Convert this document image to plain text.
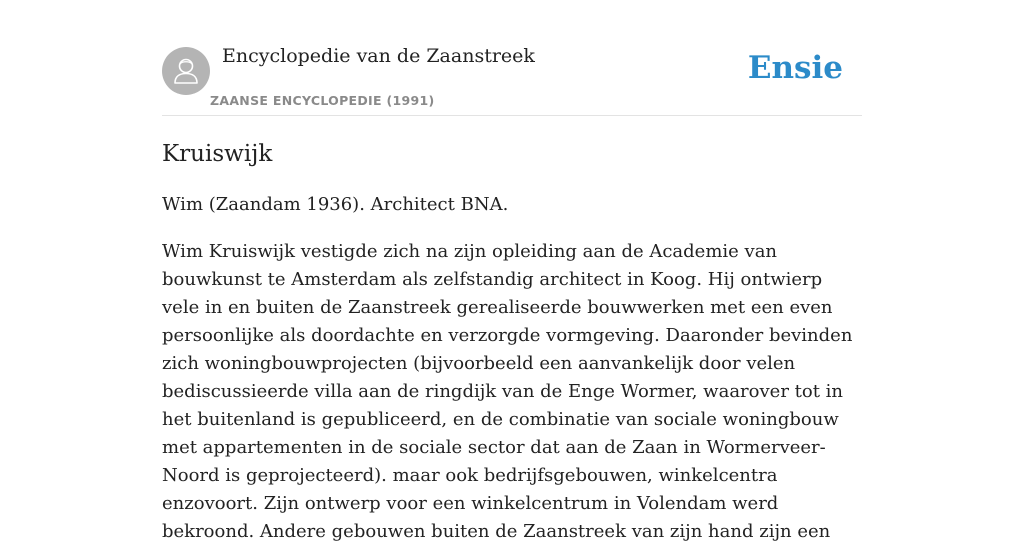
Encyclopedie van de Zaanstreek
ZAANSE ENCYCLOPEDIE (1991)
Ensie
Kruiswijk

Wim (Zaandam 1936). Architect BNA.

Wim Kruiswijk vestigde zich na zijn opleiding aan de Academie van bouwkunst te Amsterdam als zelfstandig architect in Koog. Hij ontwierp vele in en buiten de Zaanstreek gerealiseerde bouwwerken met een even persoonlijke als doordachte en verzorgde vormgeving. Daaronder bevinden zich woningbouwprojecten (bijvoorbeeld een aanvankelijk door velen bediscussieerde villa aan de ringdijk van de Enge Wormer, waarover tot in het buitenland is gepubliceerd, en de combinatie van sociale woningbouw met appartementen in de sociale sector dat aan de Zaan in Wormerveer-Noord is geprojecteerd). maar ook bedrijfsgebouwen, winkelcentra enzovoort. Zijn ontwerp voor een winkelcentrum in Volendam werd bekroond. Andere gebouwen buiten de Zaanstreek van zijn hand zijn een
